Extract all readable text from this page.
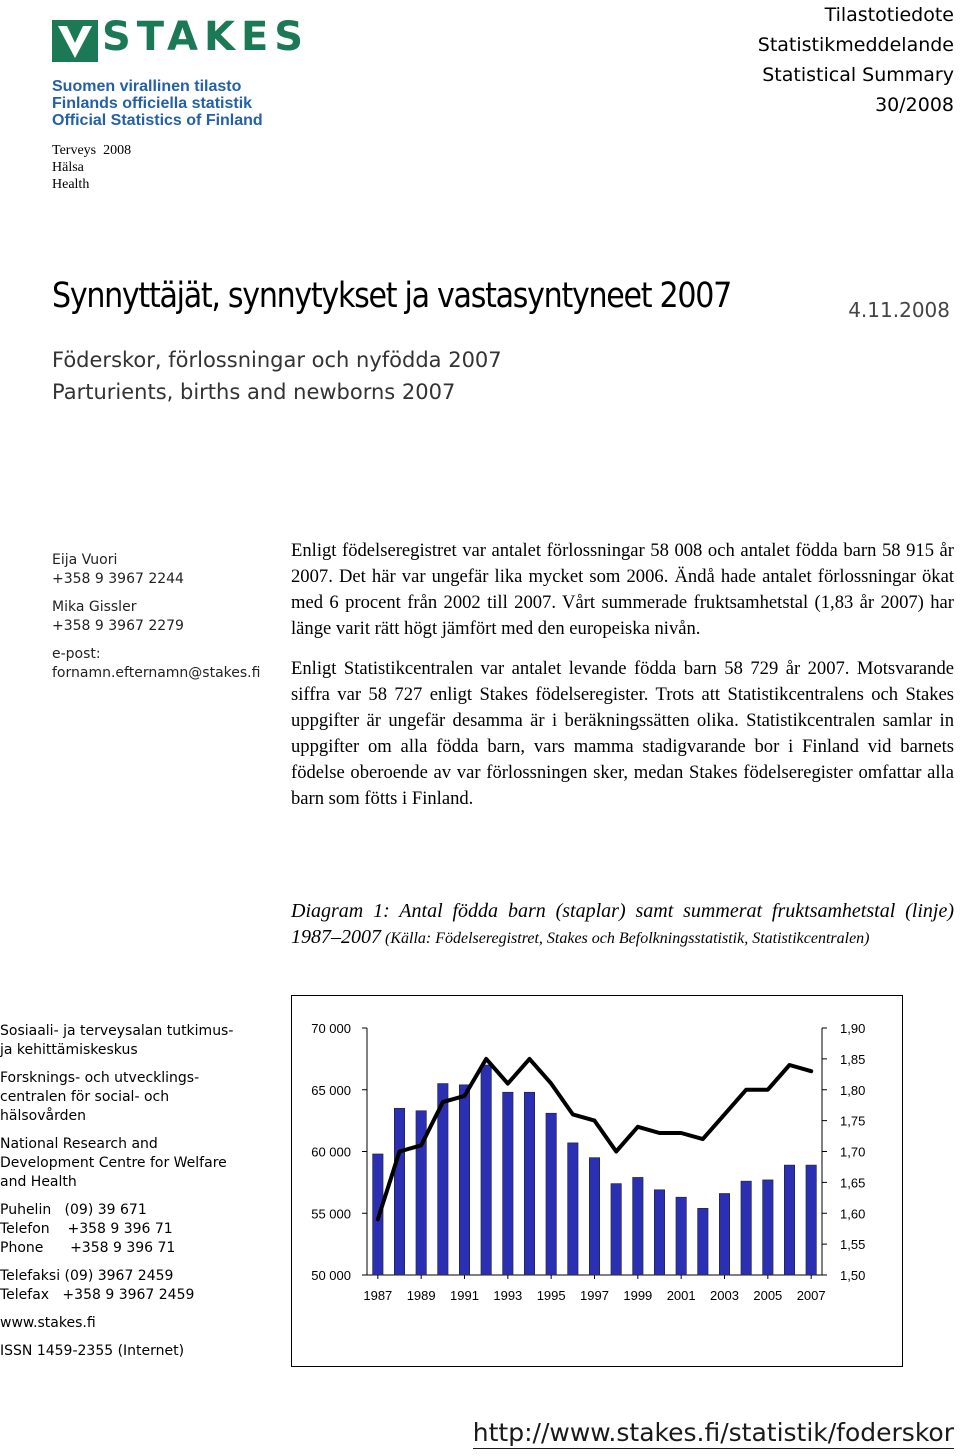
STAKES
Suomen virallinen tilasto
Finlands officiella statistik
Official Statistics of Finland
Tilastotiedote
Statistikmeddelande
Statistical Summary
30/2008
Terveys  2008
Hälsa
Health
Synnyttäjät, synnytykset ja vastasyntyneet 2007	4.11.2008
Föderskor, förlossningar och nyfödda 2007
Parturients, births and newborns 2007
Eija Vuori
+358 9 3967 2244
Mika Gissler
+358 9 3967 2279
e-post:
fornamn.efternamn@stakes.fi

Enligt födelseregistret var antalet förlossningar 58 008 och antalet födda barn 58 915 år 2007. Det här var ungefär lika mycket som 2006. Ändå hade antalet förlossningar ökat med 6 procent från 2002 till 2007. Vårt summerade fruktsamhetstal (1,83 år 2007) har länge varit rätt högt jämfört med den europeiska nivån.

Enligt Statistikcentralen var antalet levande födda barn 58 729 år 2007. Motsvarande siffra var 58 727 enligt Stakes födelseregister. Trots att Statistikcentralens och Stakes uppgifter är ungefär desamma är i beräkningssätten olika. Statistikcentralen samlar in uppgifter om alla födda barn, vars mamma stadigvarande bor i Finland vid barnets födelse oberoende av var förlossningen sker, medan Stakes födelseregister omfattar alla barn som fötts i Finland.

Diagram 1: Antal födda barn (staplar) samt summerat fruktsamhetstal (linje) 1987–2007 (Källa: Födelseregistret, Stakes och Befolkningsstatistik, Statistikcentralen)
Sosiaali- ja terveysalan tutkimus- ja kehittämiskeskus
Forsknings- och utvecklings-centralen för social- och hälsovården
National Research and Development Centre for Welfare and Health
Puhelin   (09) 39 671
Telefon    +358 9 396 71
Phone      +358 9 396 71
Telefaksi (09) 3967 2459
Telefax   +358 9 3967 2459
www.stakes.fi
ISSN 1459-2355 (Internet)
50 000
55 000
60 000
65 000
70 000
1,50
1,55
1,60
1,65
1,70
1,75
1,80
1,85
1,90
1987 1989 1991 1993 1995 1997 1999 2001 2003 2005 2007
http://www.stakes.fi/statistik/foderskor
